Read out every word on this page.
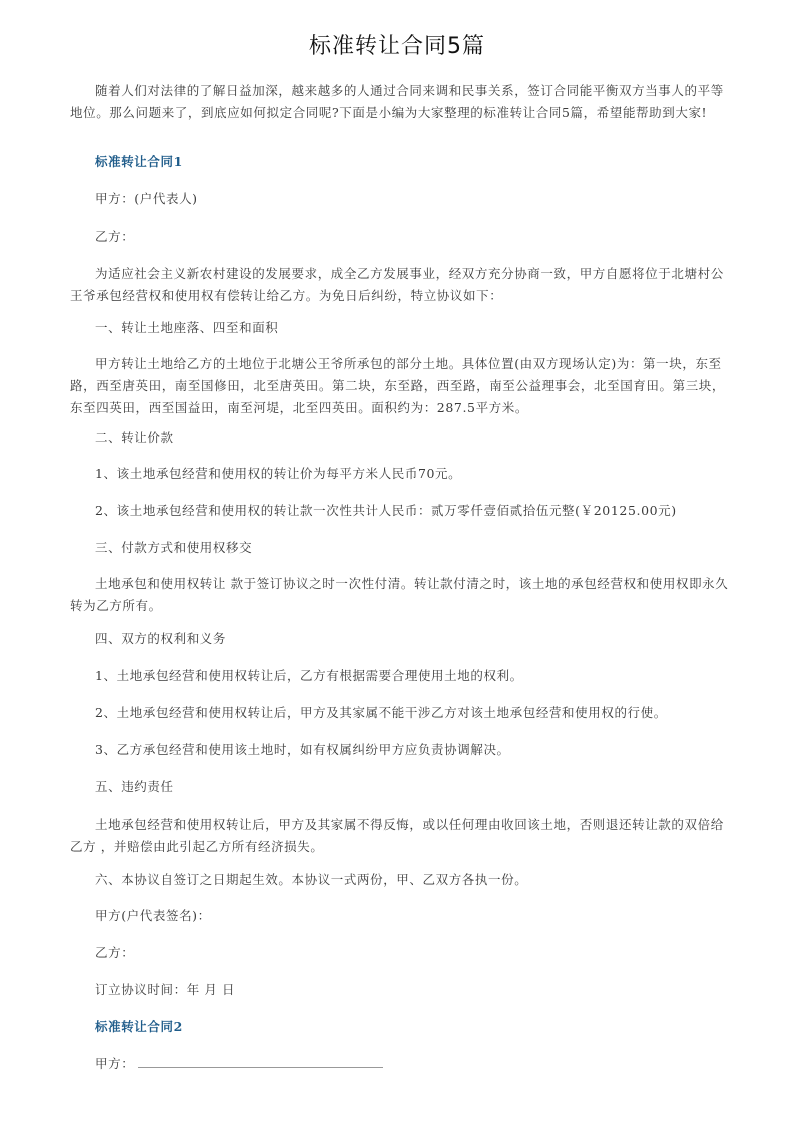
标准转让合同5篇
随着人们对法律的了解日益加深，越来越多的人通过合同来调和民事关系，签订合同能平衡双方当事人的平等地位。那么问题来了，到底应如何拟定合同呢?下面是小编为大家整理的标准转让合同5篇，希望能帮助到大家!
标准转让合同1
甲方：(户代表人)
乙方：
为适应社会主义新农村建设的发展要求，成全乙方发展事业，经双方充分协商一致，甲方自愿将位于北塘村公王爷承包经营权和使用权有偿转让给乙方。为免日后纠纷，特立协议如下：
一、转让土地座落、四至和面积
甲方转让土地给乙方的土地位于北塘公王爷所承包的部分土地。具体位置(由双方现场认定)为：第一块，东至路，西至唐英田，南至国修田，北至唐英田。第二块，东至路，西至路，南至公益理事会，北至国育田。第三块，东至四英田，西至国益田，南至河堤，北至四英田。面积约为：287.5平方米。
二、转让价款
1、该土地承包经营和使用权的转让价为每平方米人民币70元。
2、该土地承包经营和使用权的转让款一次性共计人民币：贰万零仟壹佰贰拾伍元整(￥20125.00元)
三、付款方式和使用权移交
土地承包和使用权转让 款于签订协议之时一次性付清。转让款付清之时，该土地的承包经营权和使用权即永久转为乙方所有。
四、双方的权利和义务
1、土地承包经营和使用权转让后，乙方有根据需要合理使用土地的权利。
2、土地承包经营和使用权转让后，甲方及其家属不能干涉乙方对该土地承包经营和使用权的行使。
3、乙方承包经营和使用该土地时，如有权属纠纷甲方应负责协调解决。
五、违约责任
土地承包经营和使用权转让后，甲方及其家属不得反悔，或以任何理由收回该土地，否则退还转让款的双倍给乙方 ，并赔偿由此引起乙方所有经济损失。
六、本协议自签订之日期起生效。本协议一式两份，甲、乙双方各执一份。
甲方(户代表签名)：
乙方：
订立协议时间：年 月 日
标准转让合同2
甲方：
